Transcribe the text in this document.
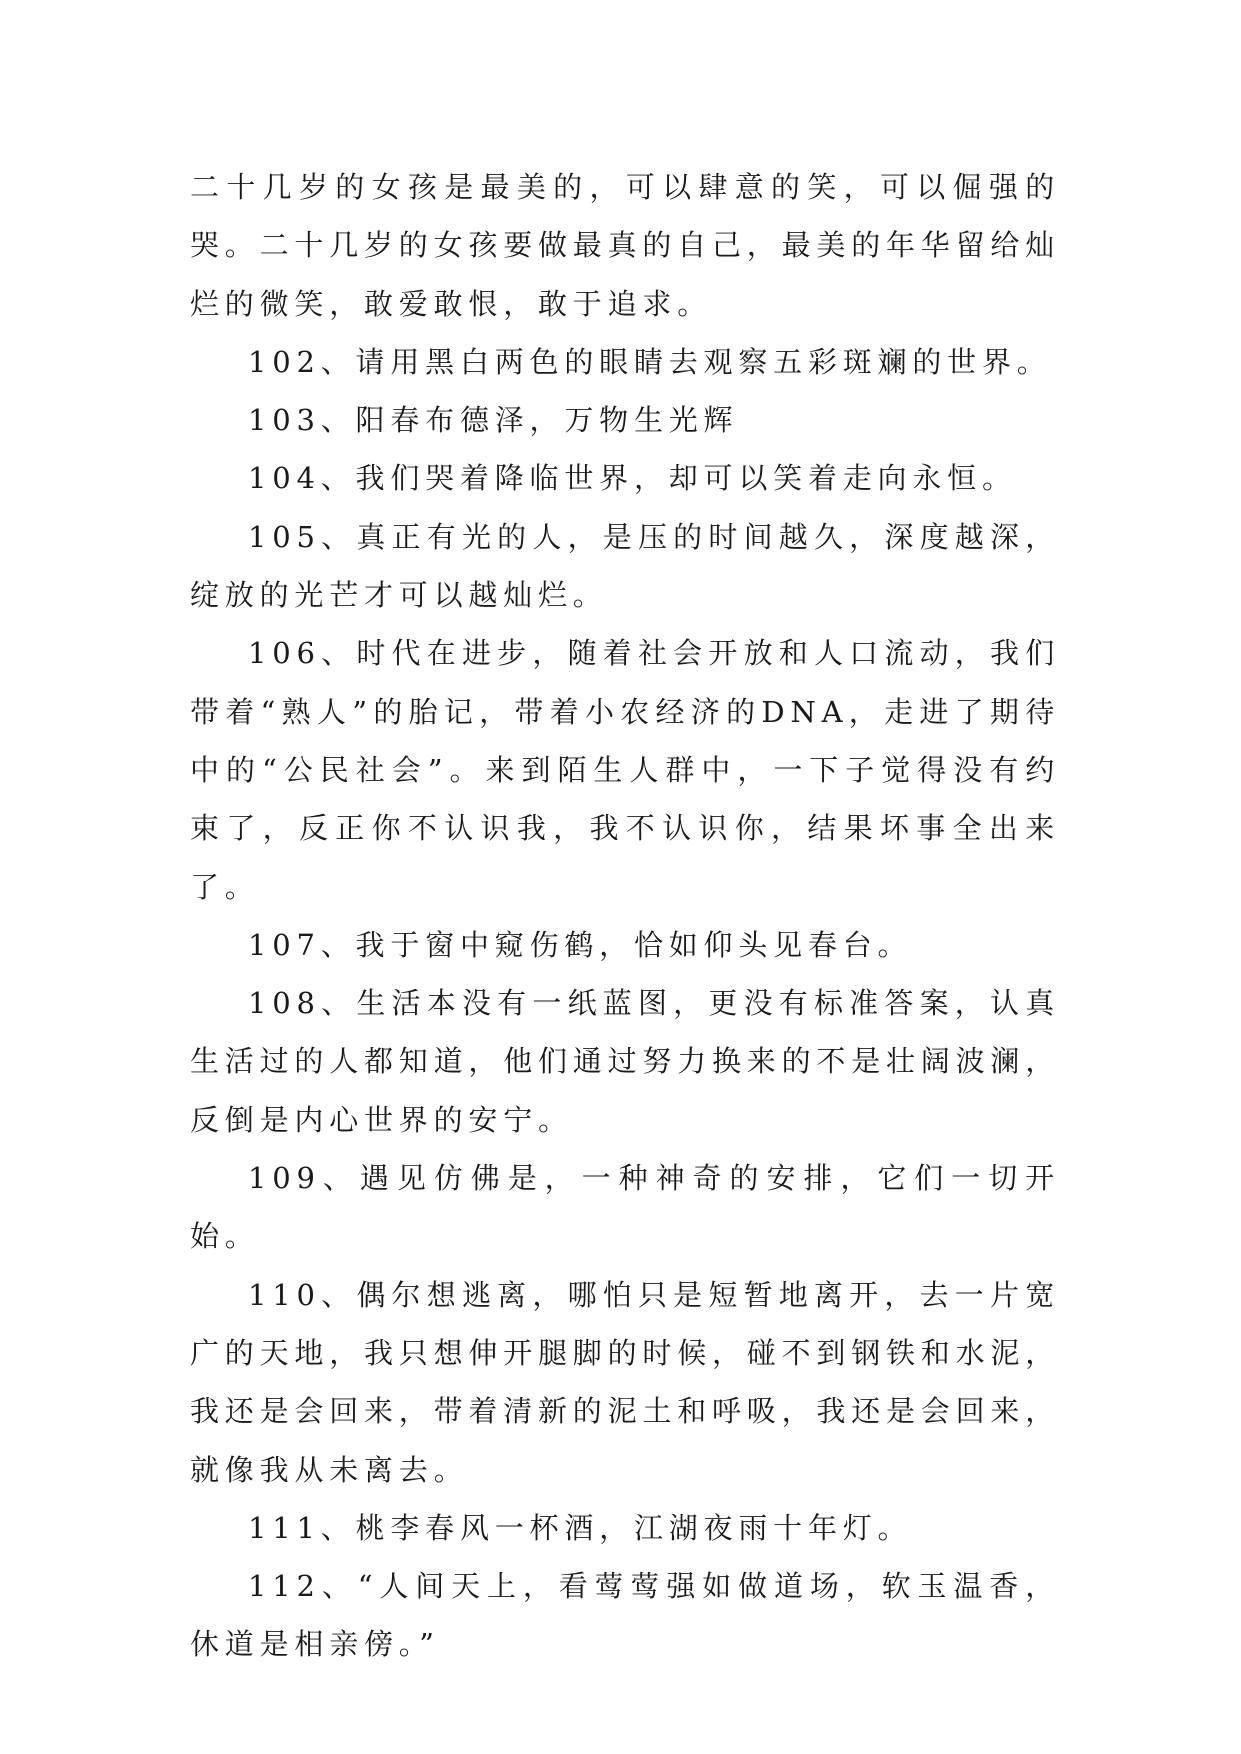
二十几岁的女孩是最美的，可以肆意的笑，可以倔强的哭。二十几岁的女孩要做最真的自己，最美的年华留给灿烂的微笑，敢爱敢恨，敢于追求。

102、请用黑白两色的眼睛去观察五彩斑斓的世界。

103、阳春布德泽，万物生光辉

104、我们哭着降临世界，却可以笑着走向永恒。

105、真正有光的人，是压的时间越久，深度越深，绽放的光芒才可以越灿烂。

106、时代在进步，随着社会开放和人口流动，我们带着“熟人”的胎记，带着小农经济的DNA，走进了期待中的“公民社会”。来到陌生人群中，一下子觉得没有约束了，反正你不认识我，我不认识你，结果坏事全出来了。

107、我于窗中窥伤鹤，恰如仰头见春台。

108、生活本没有一纸蓝图，更没有标准答案，认真生活过的人都知道，他们通过努力换来的不是壮阔波澜，反倒是内心世界的安宁。

109、遇见仿佛是，一种神奇的安排，它们一切开始。

110、偶尔想逃离，哪怕只是短暂地离开，去一片宽广的天地，我只想伸开腿脚的时候，碰不到钢铁和水泥，我还是会回来，带着清新的泥土和呼吸，我还是会回来，就像我从未离去。

111、桃李春风一杯酒，江湖夜雨十年灯。

112、“人间天上，看莺莺强如做道场，软玉温香，休道是相亲傍。”
